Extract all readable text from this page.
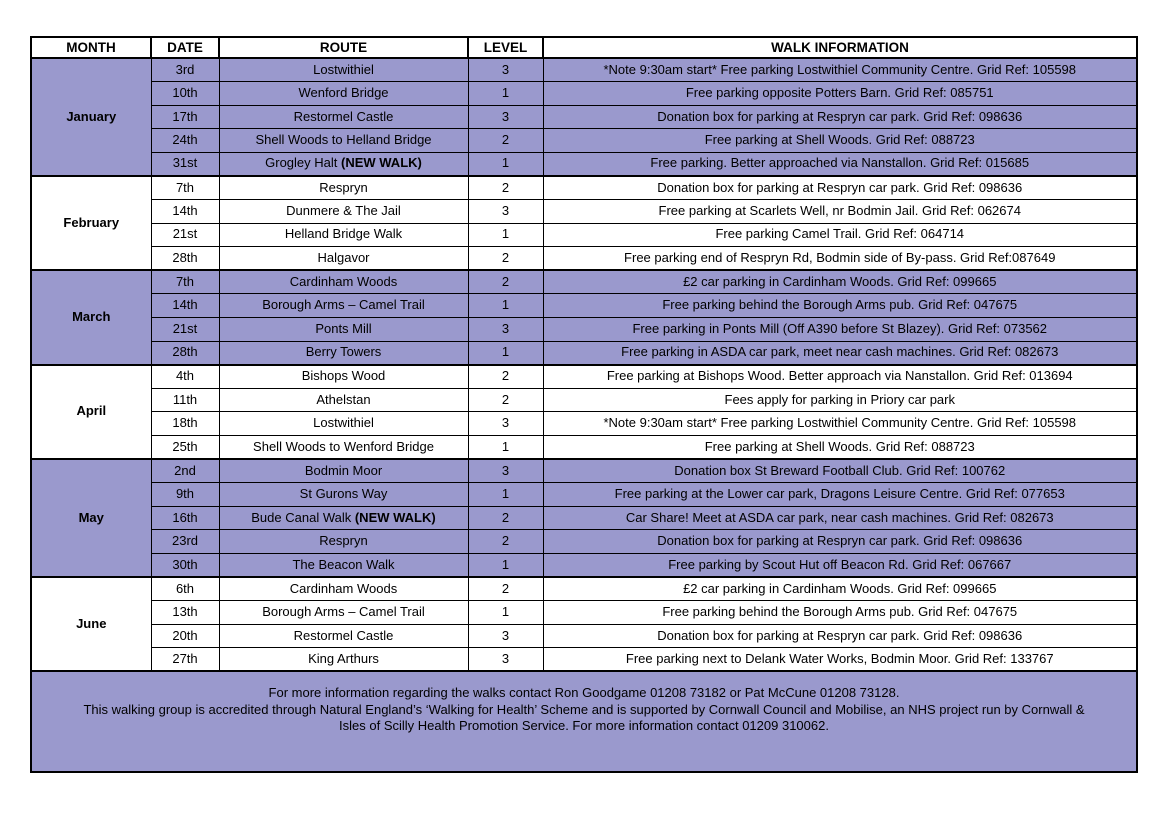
MONTH	DATE	ROUTE	LEVEL	WALK INFORMATION
January	3rd	Lostwithiel	3	*Note 9:30am start* Free parking Lostwithiel Community Centre. Grid Ref: 105598
	10th	Wenford Bridge	1	Free parking opposite Potters Barn. Grid Ref: 085751
	17th	Restormel Castle	3	Donation box for parking at Respryn car park. Grid Ref: 098636
	24th	Shell Woods to Helland Bridge	2	Free parking at Shell Woods. Grid Ref: 088723
	31st	Grogley Halt (NEW WALK)	1	Free parking. Better approached via Nanstallon. Grid Ref: 015685
February	7th	Respryn	2	Donation box for parking at Respryn car park. Grid Ref: 098636
	14th	Dunmere & The Jail	3	Free parking at Scarlets Well, nr Bodmin Jail. Grid Ref: 062674
	21st	Helland Bridge Walk	1	Free parking Camel Trail. Grid Ref: 064714
	28th	Halgavor	2	Free parking end of Respryn Rd, Bodmin side of By-pass. Grid Ref:087649
March	7th	Cardinham Woods	2	£2 car parking in Cardinham Woods. Grid Ref: 099665
	14th	Borough Arms – Camel Trail	1	Free parking behind the Borough Arms pub. Grid Ref: 047675
	21st	Ponts Mill	3	Free parking in Ponts Mill (Off A390 before St Blazey). Grid Ref: 073562
	28th	Berry Towers	1	Free parking in ASDA car park, meet near cash machines. Grid Ref: 082673
April	4th	Bishops Wood	2	Free parking at Bishops Wood. Better approach via Nanstallon. Grid Ref: 013694
	11th	Athelstan	2	Fees apply for parking in Priory car park
	18th	Lostwithiel	3	*Note 9:30am start* Free parking Lostwithiel Community Centre. Grid Ref: 105598
	25th	Shell Woods to Wenford Bridge	1	Free parking at Shell Woods. Grid Ref: 088723
May	2nd	Bodmin Moor	3	Donation box St Breward Football Club. Grid Ref: 100762
	9th	St Gurons Way	1	Free parking at the Lower car park, Dragons Leisure Centre. Grid Ref: 077653
	16th	Bude Canal Walk (NEW WALK)	2	Car Share! Meet at ASDA car park, near cash machines. Grid Ref: 082673
	23rd	Respryn	2	Donation box for parking at Respryn car park. Grid Ref: 098636
	30th	The Beacon Walk	1	Free parking by Scout Hut off Beacon Rd. Grid Ref: 067667
June	6th	Cardinham Woods	2	£2 car parking in Cardinham Woods. Grid Ref: 099665
	13th	Borough Arms – Camel Trail	1	Free parking behind the Borough Arms pub. Grid Ref: 047675
	20th	Restormel Castle	3	Donation box for parking at Respryn car park. Grid Ref: 098636
	27th	King Arthurs	3	Free parking next to Delank Water Works, Bodmin Moor. Grid Ref: 133767

For more information regarding the walks contact Ron Goodgame 01208 73182 or Pat McCune 01208 73128.
This walking group is accredited through Natural England’s ‘Walking for Health’ Scheme and is supported by Cornwall Council and Mobilise, an NHS project run by Cornwall &
Isles of Scilly Health Promotion Service. For more information contact 01209 310062.				
